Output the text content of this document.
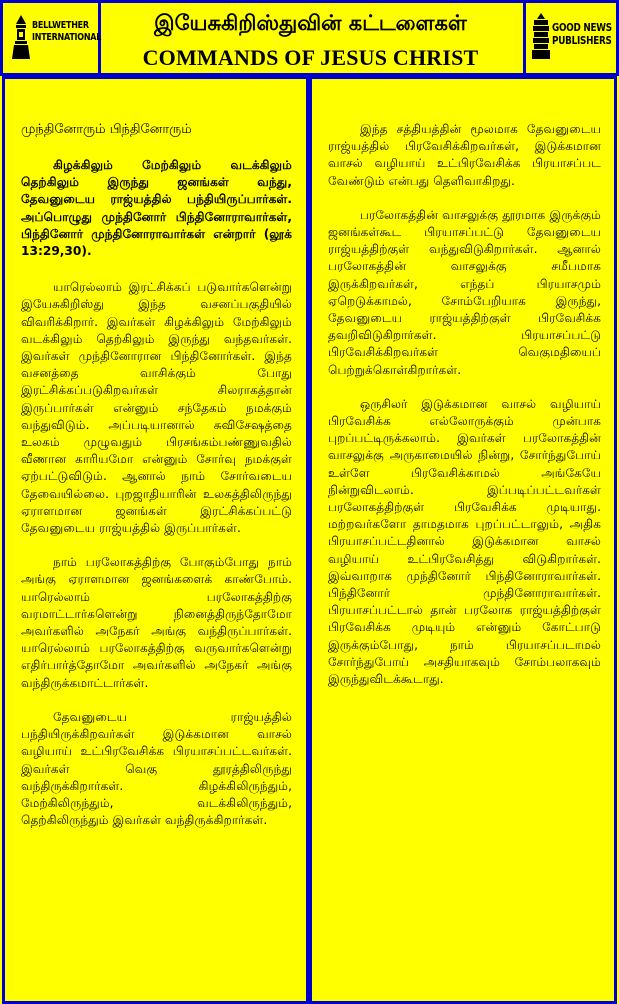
BELLWETHER
INTERNATIONAL
இயேசுகிறிஸ்துவின் கட்டளைகள்
COMMANDS OF JESUS CHRIST
GOOD NEWS
PUBLISHERS

முந்தினோரும் பிந்தினோரும்

கிழக்கிலும் மேற்கிலும் வடக்கிலும் தெற்கிலும் இருந்து ஜனங்கள் வந்து, தேவனுடைய ராஜ்யத்தில் பந்தியிருப்பார்கள். அப்பொழுது முந்தினோர் பிந்தினோராவார்கள், பிந்தினோர் முந்தினோராவார்கள் என்றார் (லூக் 13:29,30).

யாரெல்லாம் இரட்சிக்கப் படுவார்களென்று இயேசுகிறிஸ்து இந்த வசனப்பகுதியில் விவரிக்கிறார். இவர்கள் கிழக்கிலும் மேற்கிலும் வடக்கிலும் தெற்கிலும் இருந்து வந்தவர்கள். இவர்கள் முந்தினோரான பிந்தினோர்கள். இந்த வசனத்தை வாசிக்கும் போது இரட்சிக்கப்படுகிறவர்கள் சிலராகத்தான் இருப்பார்கள் என்னும் சந்தேகம் நமக்கும் வந்துவிடும். அப்படியானால் சுவிசேஷத்தை உலகம் முழுவதும் பிரசங்கம்பண்ணுவதில் வீணான காரியமோ என்னும் சோர்வு நமக்குள் ஏற்பட்டுவிடும். ஆனால் நாம் சோர்வடைய தேவையில்லை. புறஜாதியாரின் உலகத்திலிருந்து ஏராளமான ஜனங்கள் இரட்சிக்கப்பட்டு தேவனுடைய ராஜ்யத்தில் இருப்பார்கள்.

நாம் பரலோகத்திற்கு போகும்போது நாம் அங்கு ஏராளமான ஜனங்களைக் காண்போம். யாரெல்லாம் பரலோகத்திற்கு வரமாட்டார்களென்று நினைத்திருந்தோமோ அவர்களில் அநேகர் அங்கு வந்திருப்பார்கள். யாரெல்லாம் பரலோகத்திற்கு வருவார்களென்று எதிர்பார்த்தோமோ அவர்களில் அநேகர் அங்கு வந்திருக்கமாட்டார்கள்.

தேவனுடைய ராஜ்யத்தில் பந்தியிருக்கிறவர்கள் இடுக்கமான வாசல் வழியாய் உட்பிரவேசிக்க பிரயாசப்பட்டவர்கள். இவர்கள் வெகு தூரத்திலிருந்து வந்திருக்கிறார்கள். கிழக்கிலிருந்தும், மேற்கிலிருந்தும், வடக்கிலிருந்தும், தெற்கிலிருந்தும் இவர்கள் வந்திருக்கிறார்கள்.

இந்த சத்தியத்தின் மூலமாக தேவனுடைய ராஜ்யத்தில் பிரவேசிக்கிறவர்கள், இடுக்கமான வாசல் வழியாய் உட்பிரவேசிக்க பிரயாசப்பட வேண்டும் என்பது தெளிவாகிறது.

பரலோகத்தின் வாசலுக்கு தூரமாக இருக்கும் ஜனங்கள்கூட பிரயாசப்பட்டு தேவனுடைய ராஜ்யத்திற்குள் வந்துவிடுகிறார்கள். ஆனால் பரலோகத்தின் வாசலுக்கு சமீபமாக இருக்கிறவர்கள், எந்தப் பிரயாசமும் ஏறெடுக்காமல், சோம்பேறியாக இருந்து, தேவனுடைய ராஜ்யத்திற்குள் பிரவேசிக்க தவறிவிடுகிறார்கள். பிரயாசப்பட்டு பிரவேசிக்கிறவர்கள் வெகுமதியைப் பெற்றுக்கொள்கிறார்கள்.

ஒருசிலர் இடுக்கமான வாசல் வழியாய் பிரவேசிக்க எல்லோருக்கும் முன்பாக புறப்பட்டிருக்கலாம். இவர்கள் பரலோகத்தின் வாசலுக்கு அருகாமையில் நின்று, சோர்ந்துபோய் உள்ளே பிரவேசிக்காமல் அங்கேயே நின்றுவிடலாம். இப்படிப்பட்டவர்கள் பரலோகத்திற்குள் பிரவேசிக்க முடியாது. மற்றவர்களோ தாமதமாக புறப்பட்டாலும், அதிக பிரயாசப்பட்டதினால் இடுக்கமான வாசல் வழியாய் உட்பிரவேசித்து விடுகிறார்கள். இவ்வாறாக முந்தினோர் பிந்தினோராவார்கள். பிந்தினோர் முந்தினோராவார்கள். பிரயாசப்பட்டால் தான் பரலோக ராஜ்யத்திற்குள் பிரவேசிக்க முடியும் என்னும் கோட்பாடு இருக்கும்போது, நாம் பிரயாசப்படாமல் சோர்ந்துபோய் அசதியாகவும் சோம்பலாகவும் இருந்துவிடக்கூடாது.
